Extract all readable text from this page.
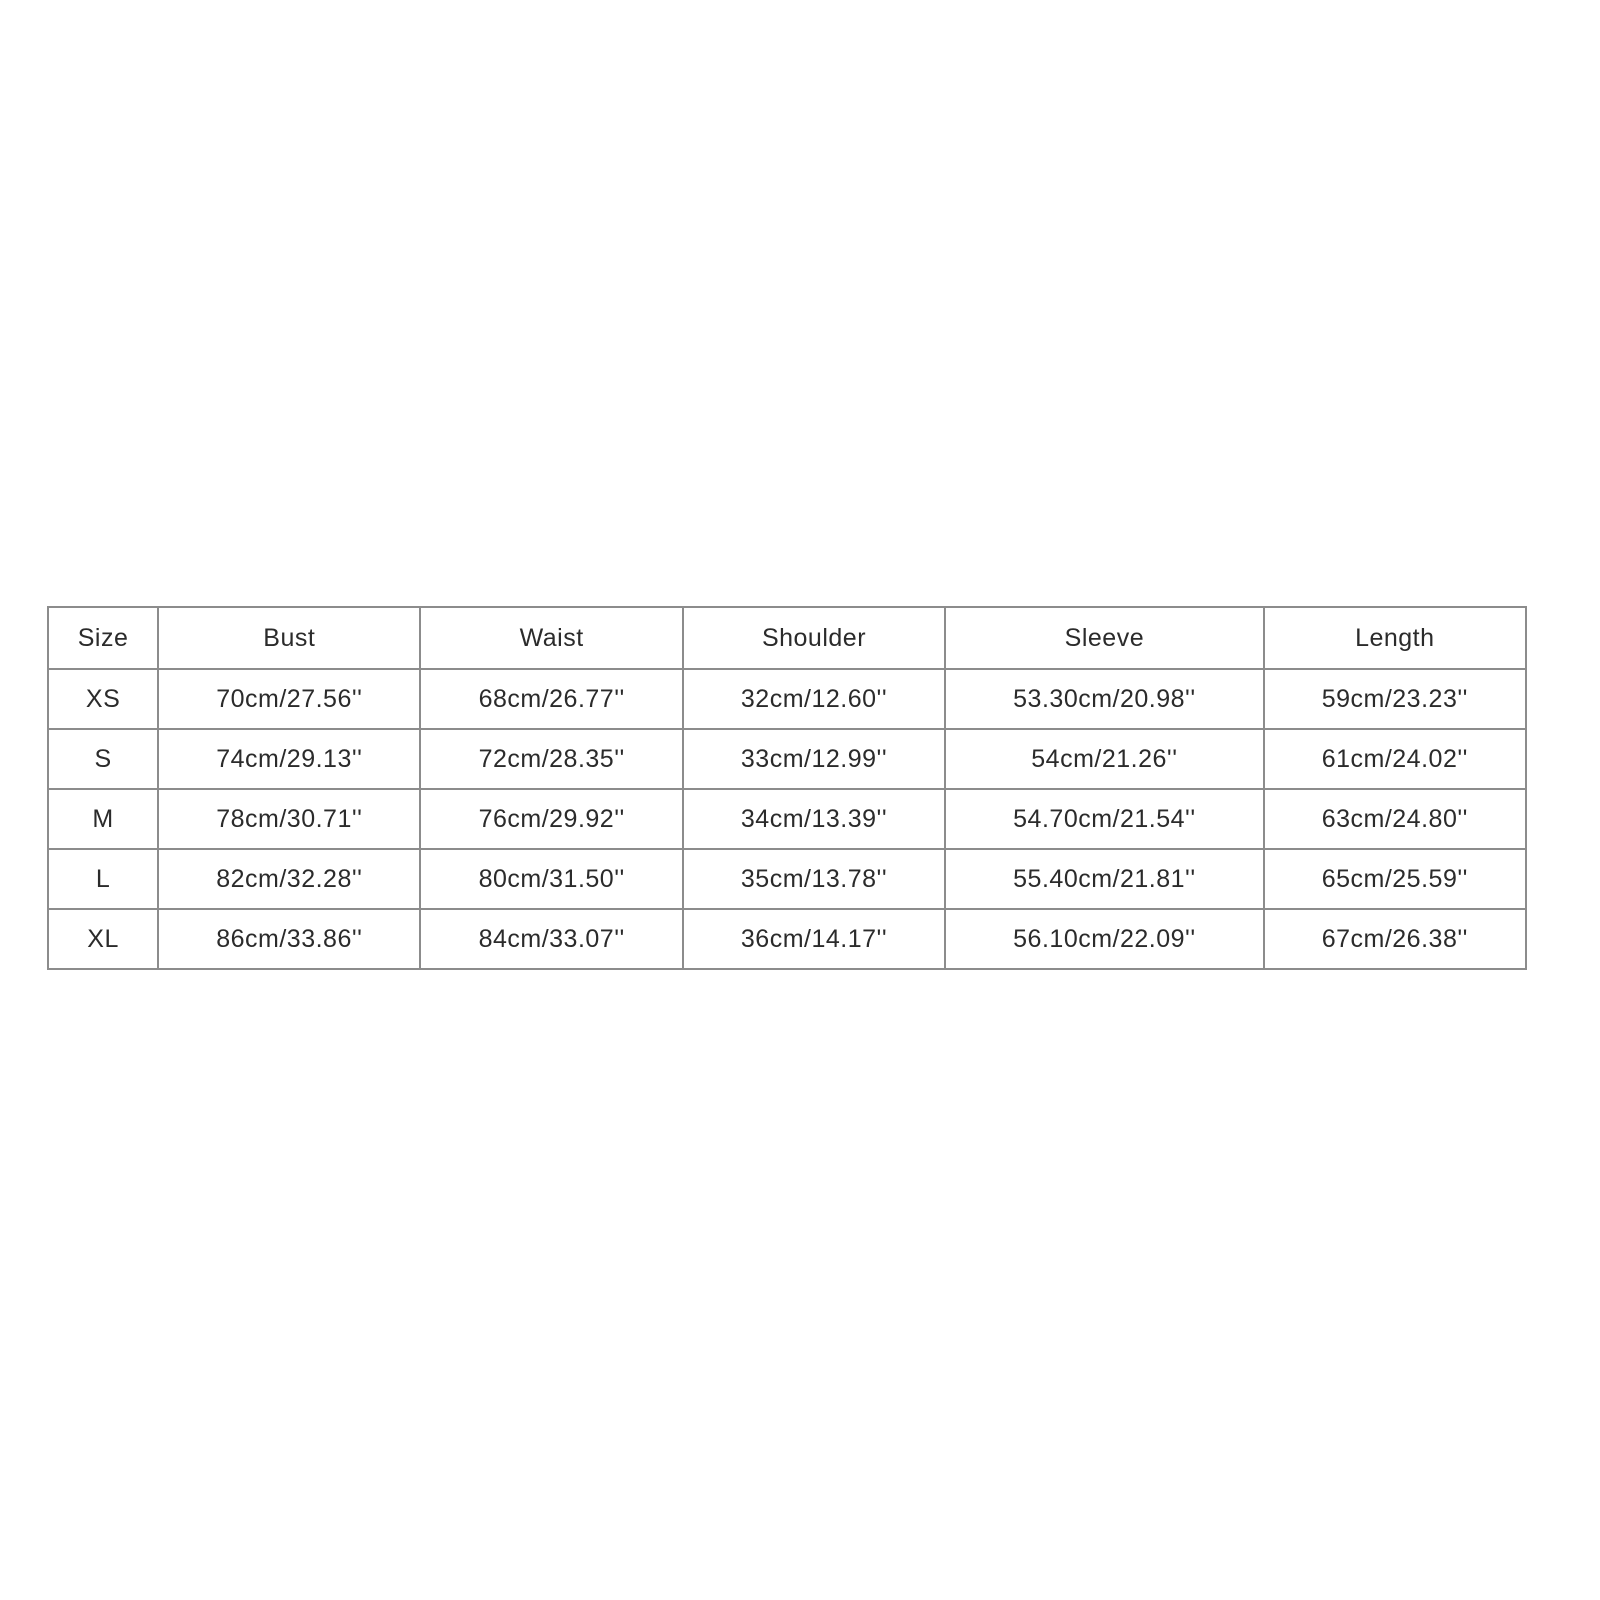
Size	Bust	Waist	Shoulder	Sleeve	Length
XS	70cm/27.56''	68cm/26.77''	32cm/12.60''	53.30cm/20.98''	59cm/23.23''
S	74cm/29.13''	72cm/28.35''	33cm/12.99''	54cm/21.26''	61cm/24.02''
M	78cm/30.71''	76cm/29.92''	34cm/13.39''	54.70cm/21.54''	63cm/24.80''
L	82cm/32.28''	80cm/31.50''	35cm/13.78''	55.40cm/21.81''	65cm/25.59''
XL	86cm/33.86''	84cm/33.07''	36cm/14.17''	56.10cm/22.09''	67cm/26.38''
